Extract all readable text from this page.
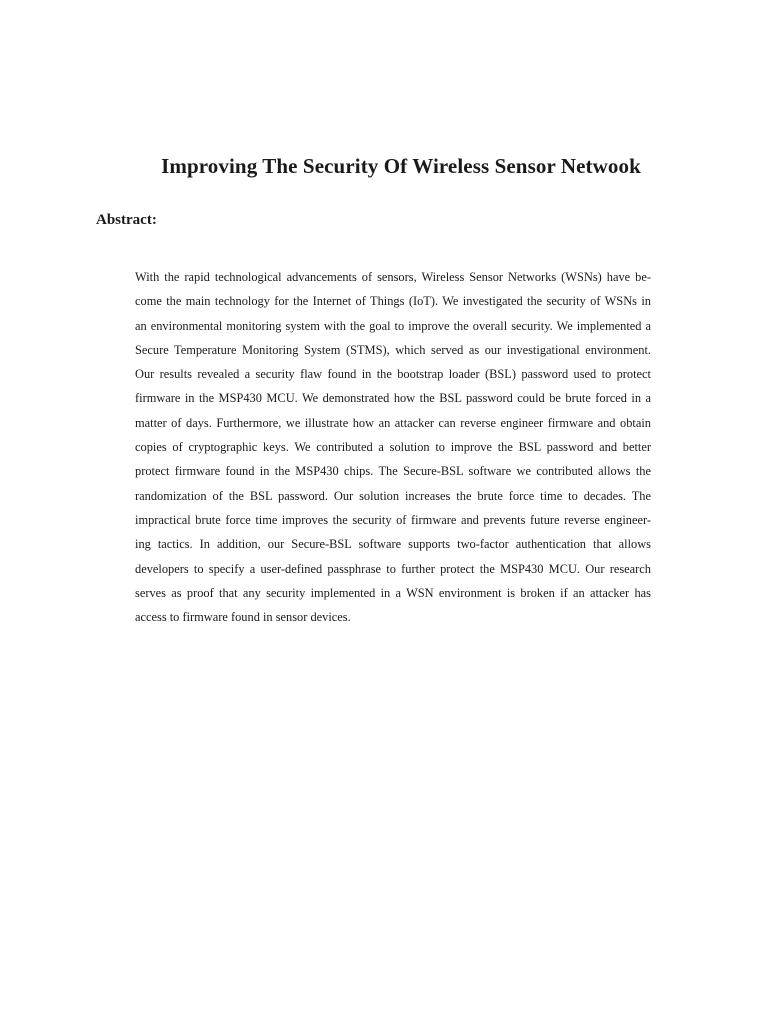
Improving The Security Of Wireless Sensor Netwook
Abstract:

With the rapid technological advancements of sensors, Wireless Sensor Networks (WSNs) have be-
come the main technology for the Internet of Things (IoT). We investigated the security of WSNs in
an environmental monitoring system with the goal to improve the overall security. We implemented a
Secure Temperature Monitoring System (STMS), which served as our investigational environment.
Our results revealed a security flaw found in the bootstrap loader (BSL) password used to protect
firmware in the MSP430 MCU. We demonstrated how the BSL password could be brute forced in a
matter of days. Furthermore, we illustrate how an attacker can reverse engineer firmware and obtain
copies of cryptographic keys. We contributed a solution to improve the BSL password and better
protect firmware found in the MSP430 chips. The Secure-BSL software we contributed allows the
randomization of the BSL password. Our solution increases the brute force time to decades. The
impractical brute force time improves the security of firmware and prevents future reverse engineer-
ing tactics. In addition, our Secure-BSL software supports two-factor authentication that allows
developers to specify a user-defined passphrase to further protect the MSP430 MCU. Our research
serves as proof that any security implemented in a WSN environment is broken if an attacker has
access to firmware found in sensor devices.
